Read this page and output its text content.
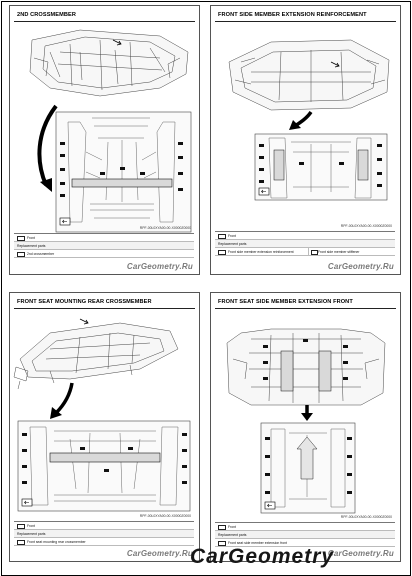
2ND CROSSMEMBER
RPF-00L0XYA00-00-X0000Z0000
Front
Replacement parts
2nd crossmember
CarGeometry.Ru
FRONT SIDE MEMBER EXTENSION REINFORCEMENT
RPF-00L0XYA00-00-X0000Z0000
Front
Replacement parts
Front side member extension reinforcement	Front side member stiffener
CarGeometry.Ru
FRONT SEAT MOUNTING REAR CROSSMEMBER
RPF-00L0XYA00-00-X0000Z0000
Front
Replacement parts
Front seat mounting rear crossmember
CarGeometry.Ru
FRONT SEAT SIDE MEMBER EXTENSION FRONT
RPF-00L0XYA00-00-X0000Z0000
Front
Replacement parts
Front seat side member extension front
CarGeometry.Ru
CarGeometry
